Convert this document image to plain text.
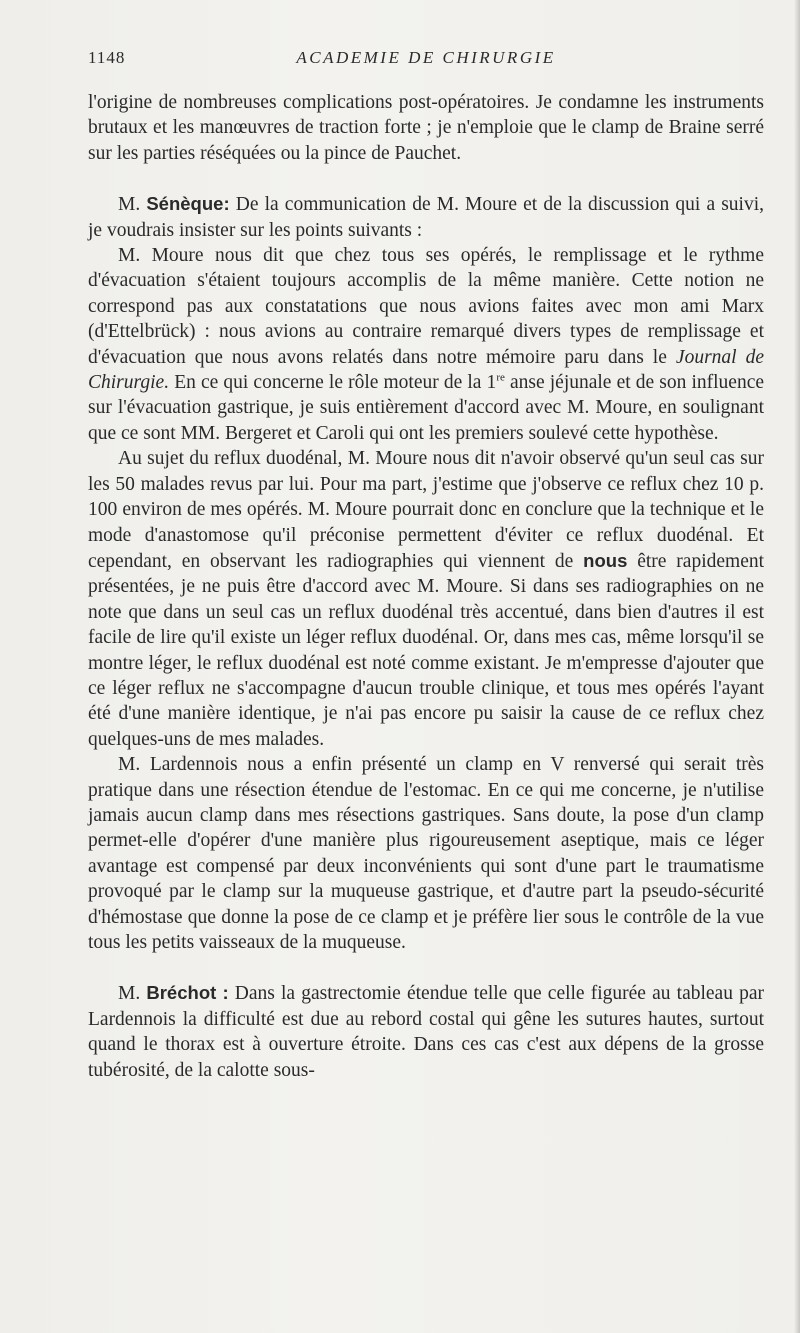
1148	ACADEMIE DE CHIRURGIE

l'origine de nombreuses complications post-opératoires. Je condamne les instruments brutaux et les manœuvres de traction forte ; je n'emploie que le clamp de Braine serré sur les parties réséquées ou la pince de Pauchet.

M. Sénèque: De la communication de M. Moure et de la discussion qui a suivi, je voudrais insister sur les points suivants :

M. Moure nous dit que chez tous ses opérés, le remplissage et le rythme d'évacuation s'étaient toujours accomplis de la même manière. Cette notion ne correspond pas aux constatations que nous avions faites avec mon ami Marx (d'Ettelbrück) : nous avions au contraire remarqué divers types de remplissage et d'évacuation que nous avons relatés dans notre mémoire paru dans le Journal de Chirurgie. En ce qui concerne le rôle moteur de la 1re anse jéjunale et de son influence sur l'évacuation gastrique, je suis entièrement d'accord avec M. Moure, en soulignant que ce sont MM. Bergeret et Caroli qui ont les premiers soulevé cette hypothèse.

Au sujet du reflux duodénal, M. Moure nous dit n'avoir observé qu'un seul cas sur les 50 malades revus par lui. Pour ma part, j'estime que j'observe ce reflux chez 10 p. 100 environ de mes opérés. M. Moure pourrait donc en conclure que la technique et le mode d'anastomose qu'il préconise permettent d'éviter ce reflux duodénal. Et cependant, en observant les radiographies qui viennent de nous être rapidement présentées, je ne puis être d'accord avec M. Moure. Si dans ses radiographies on ne note que dans un seul cas un reflux duodénal très accentué, dans bien d'autres il est facile de lire qu'il existe un léger reflux duodénal. Or, dans mes cas, même lorsqu'il se montre léger, le reflux duodénal est noté comme existant. Je m'empresse d'ajouter que ce léger reflux ne s'accompagne d'aucun trouble clinique, et tous mes opérés l'ayant été d'une manière identique, je n'ai pas encore pu saisir la cause de ce reflux chez quelques-uns de mes malades.

M. Lardennois nous a enfin présenté un clamp en V renversé qui serait très pratique dans une résection étendue de l'estomac. En ce qui me concerne, je n'utilise jamais aucun clamp dans mes résections gastriques. Sans doute, la pose d'un clamp permet-elle d'opérer d'une manière plus rigoureusement aseptique, mais ce léger avantage est compensé par deux inconvénients qui sont d'une part le traumatisme provoqué par le clamp sur la muqueuse gastrique, et d'autre part la pseudo-sécurité d'hémostase que donne la pose de ce clamp et je préfère lier sous le contrôle de la vue tous les petits vaisseaux de la muqueuse.

M. Bréchot : Dans la gastrectomie étendue telle que celle figurée au tableau par Lardennois la difficulté est due au rebord costal qui gêne les sutures hautes, surtout quand le thorax est à ouverture étroite. Dans ces cas c'est aux dépens de la grosse tubérosité, de la calotte sous-
